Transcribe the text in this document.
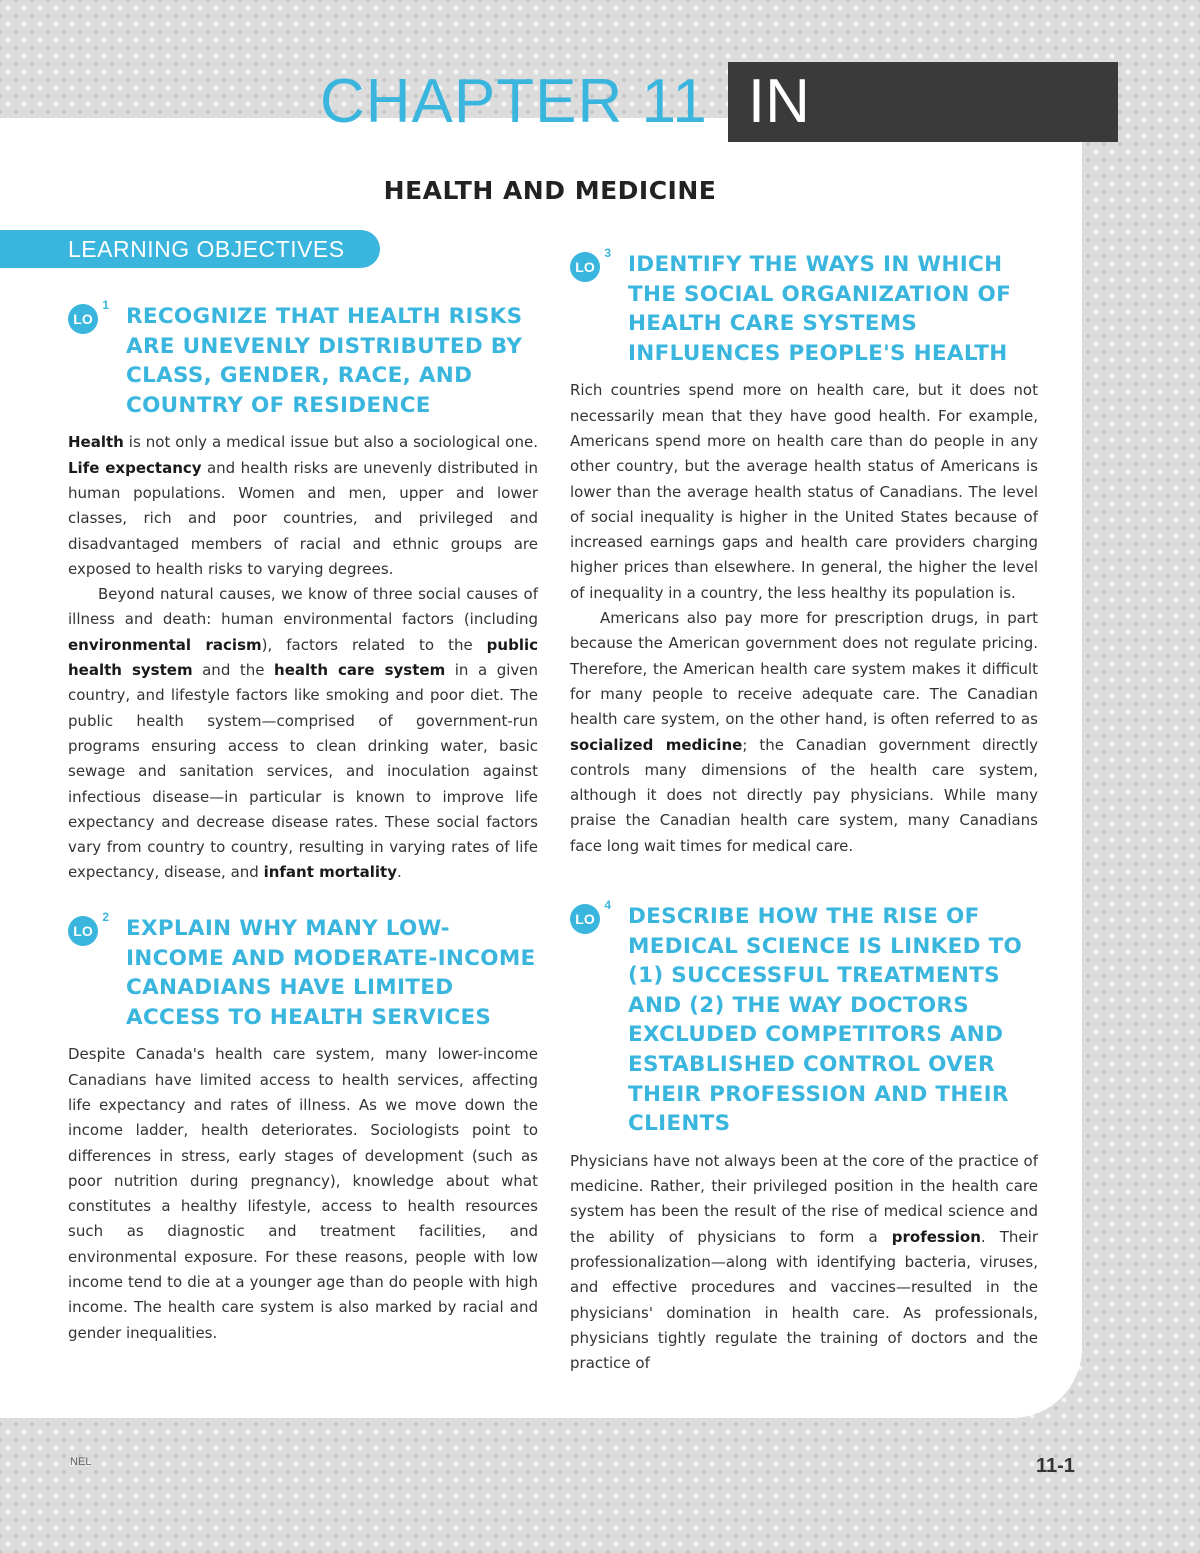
CHAPTER 11 IN REVIEW
HEALTH AND MEDICINE
LEARNING OBJECTIVES
LO
1 RECOGNIZE THAT HEALTH RISKS ARE UNEVENLY DISTRIBUTED BY CLASS, GENDER, RACE, AND COUNTRY OF RESIDENCE

Health is not only a medical issue but also a sociological one. Life expectancy and health risks are unevenly distributed in human populations. Women and men, upper and lower classes, rich and poor countries, and privileged and disadvantaged members of racial and ethnic groups are exposed to health risks to varying degrees.

Beyond natural causes, we know of three social causes of illness and death: human environmental factors (including environmental racism), factors related to the public health system and the health care system in a given country, and lifestyle factors like smoking and poor diet. The public health system—comprised of government-run programs ensuring access to clean drinking water, basic sewage and sanitation services, and inoculation against infectious disease—in particular is known to improve life expectancy and decrease disease rates. These social factors vary from country to country, resulting in varying rates of life expectancy, disease, and infant mortality.

LO
2 EXPLAIN WHY MANY LOW-INCOME AND MODERATE-INCOME CANADIANS HAVE LIMITED ACCESS TO HEALTH SERVICES

Despite Canada's health care system, many lower-income Canadians have limited access to health services, affecting life expectancy and rates of illness. As we move down the income ladder, health deteriorates. Sociologists point to differences in stress, early stages of development (such as poor nutrition during pregnancy), knowledge about what constitutes a healthy lifestyle, access to health resources such as diagnostic and treatment facilities, and environmental exposure. For these reasons, people with low income tend to die at a younger age than do people with high income. The health care system is also marked by racial and gender inequalities.

LO
3 IDENTIFY THE WAYS IN WHICH THE SOCIAL ORGANIZATION OF HEALTH CARE SYSTEMS INFLUENCES PEOPLE'S HEALTH

Rich countries spend more on health care, but it does not necessarily mean that they have good health. For example, Americans spend more on health care than do people in any other country, but the average health status of Americans is lower than the average health status of Canadians. The level of social inequality is higher in the United States because of increased earnings gaps and health care providers charging higher prices than elsewhere. In general, the higher the level of inequality in a country, the less healthy its population is.

Americans also pay more for prescription drugs, in part because the American government does not regulate pricing. Therefore, the American health care system makes it difficult for many people to receive adequate care. The Canadian health care system, on the other hand, is often referred to as socialized medicine; the Canadian government directly controls many dimensions of the health care system, although it does not directly pay physicians. While many praise the Canadian health care system, many Canadians face long wait times for medical care.

LO
4 DESCRIBE HOW THE RISE OF MEDICAL SCIENCE IS LINKED TO (1) SUCCESSFUL TREATMENTS AND (2) THE WAY DOCTORS EXCLUDED COMPETITORS AND ESTABLISHED CONTROL OVER THEIR PROFESSION AND THEIR CLIENTS

Physicians have not always been at the core of the practice of medicine. Rather, their privileged position in the health care system has been the result of the rise of medical science and the ability of physicians to form a profession. Their professionalization—along with identifying bacteria, viruses, and effective procedures and vaccines—resulted in the physicians' domination in health care. As professionals, physicians tightly regulate the training of doctors and the practice of

NEL	11-1
